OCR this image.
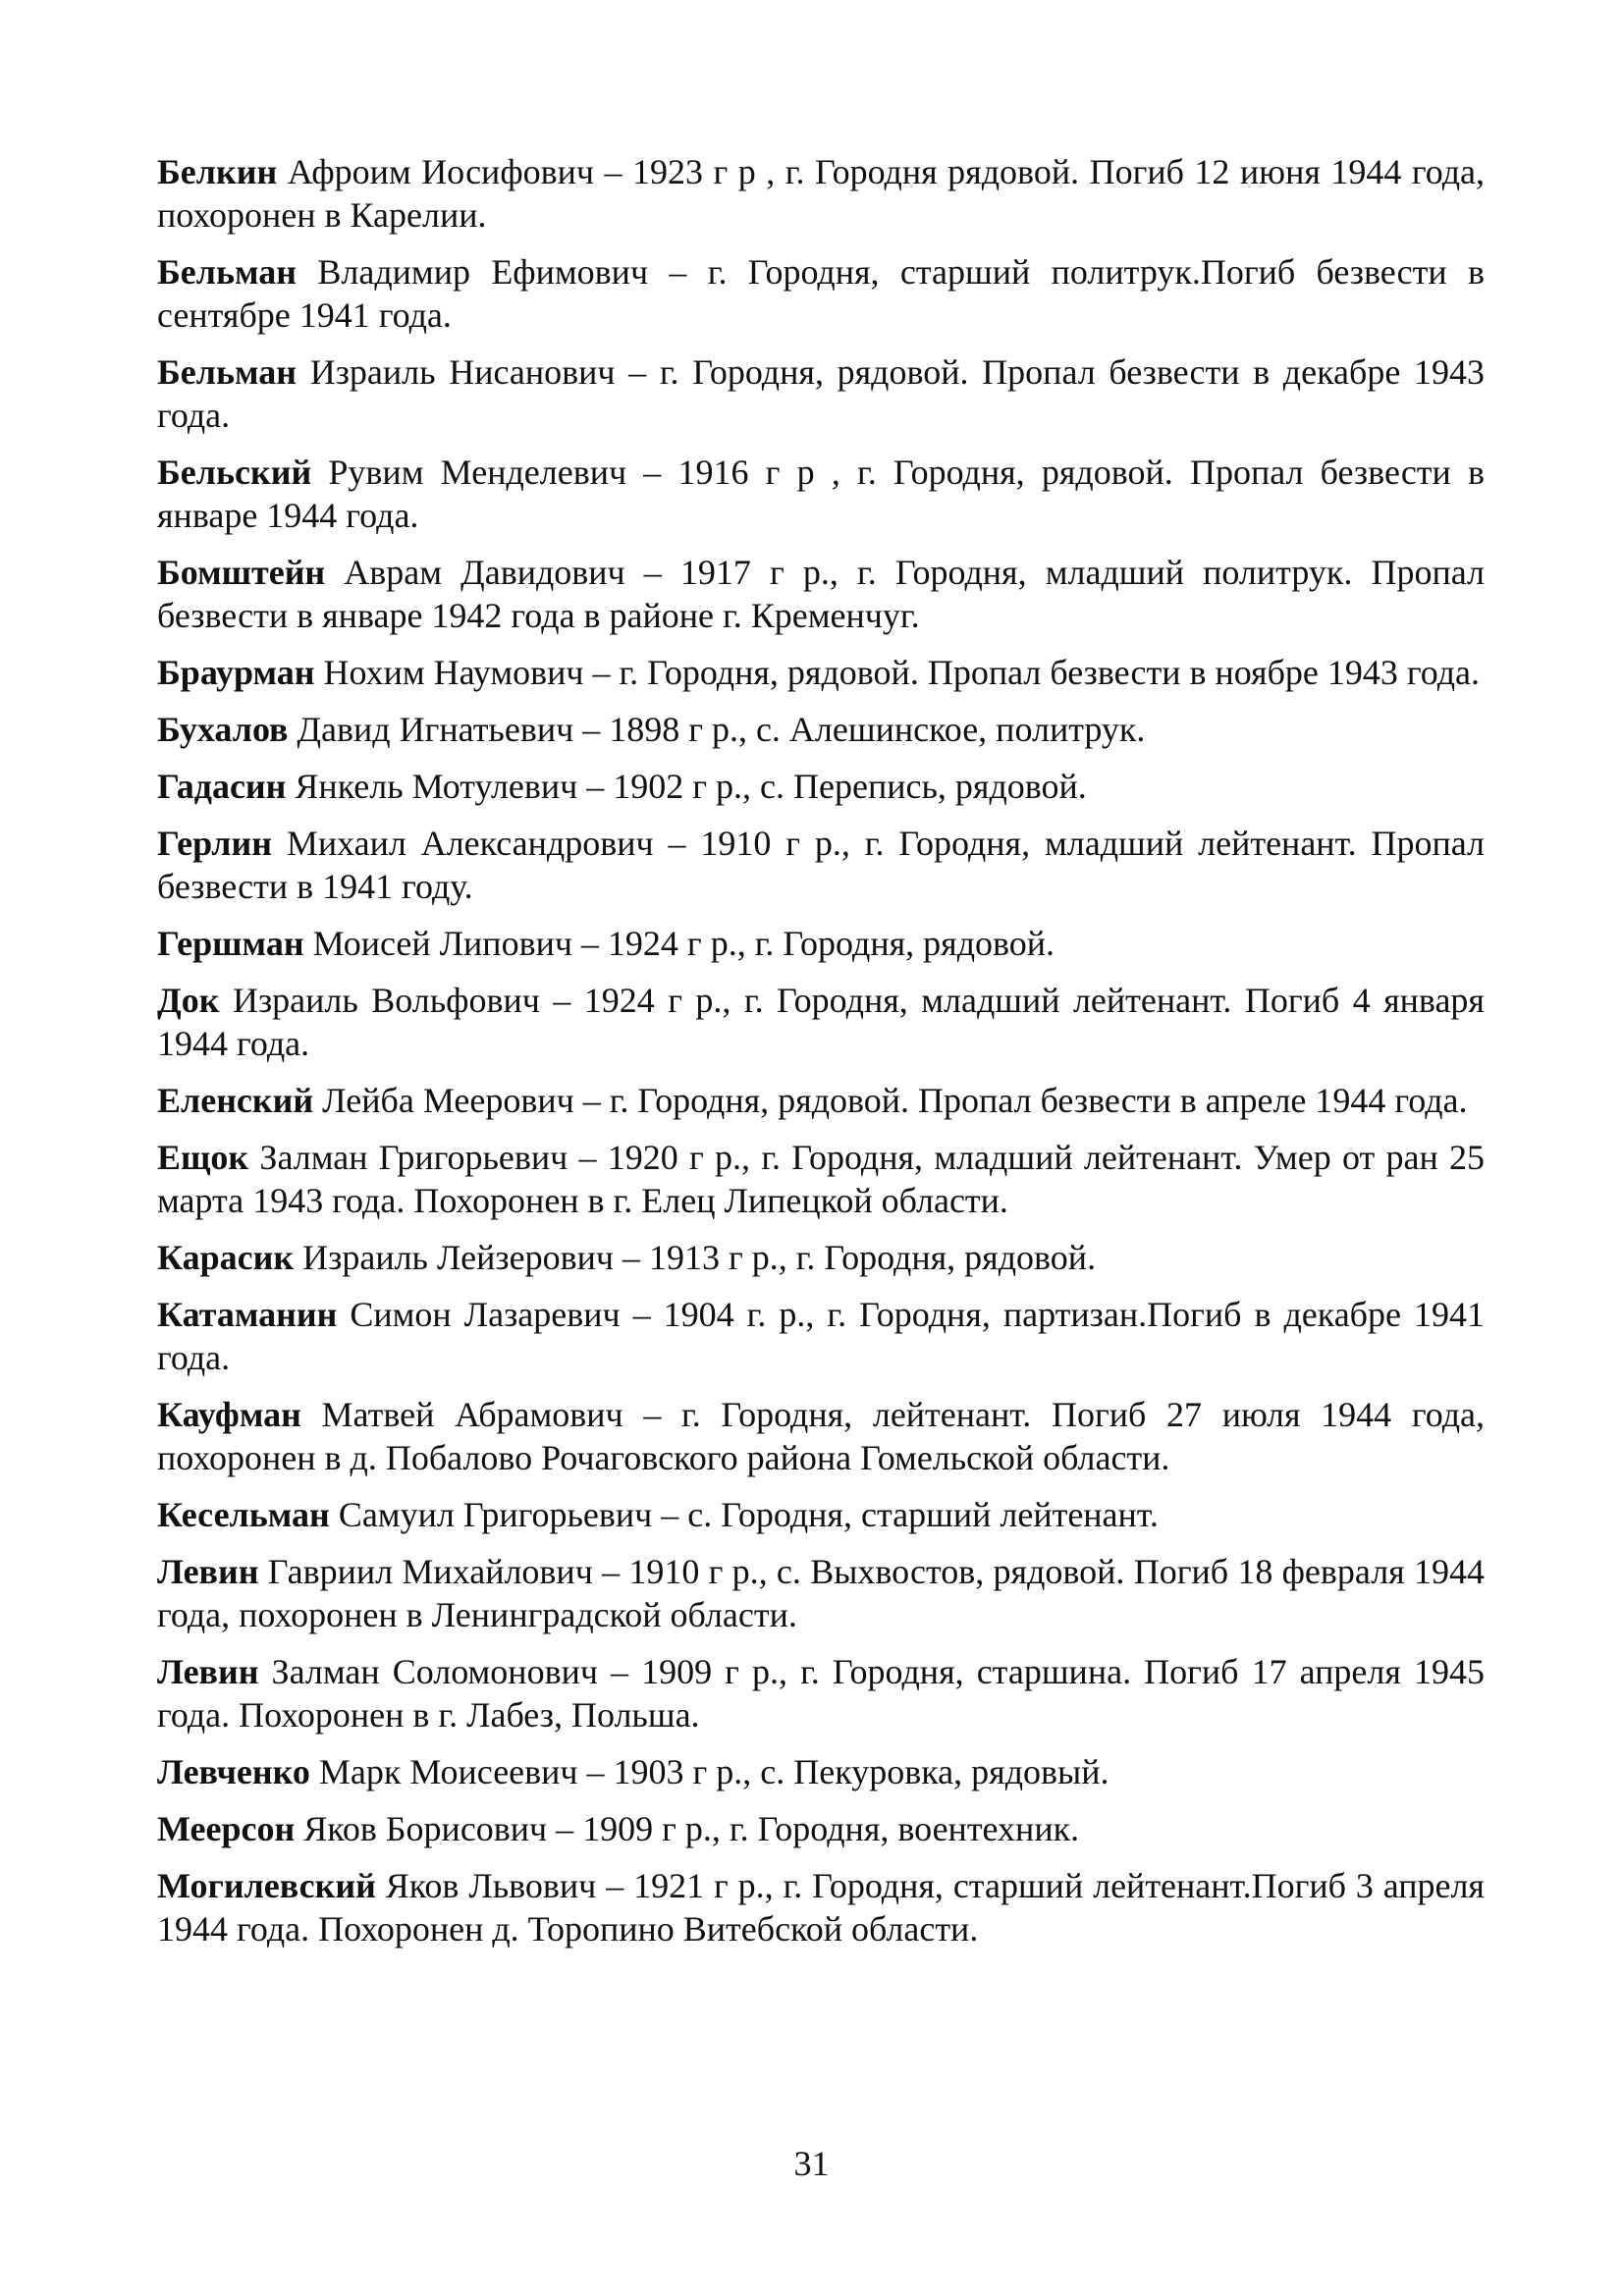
Белкин Афроим Иосифович – 1923 г р , г. Городня рядовой. Погиб 12 июня 1944 года, похоронен в Карелии.

Бельман Владимир Ефимович – г. Городня, старший политрук.Погиб безвести в сентябре 1941 года.

Бельман Израиль Нисанович – г. Городня, рядовой. Пропал безвести в декабре 1943 года.

Бельский Рувим Менделевич – 1916 г р , г. Городня, рядовой. Пропал безвести в январе 1944 года.

Бомштейн Аврам Давидович – 1917 г р., г. Городня, младший политрук. Пропал безвести в январе 1942 года в районе г. Кременчуг.

Браурман Нохим Наумович – г. Городня, рядовой. Пропал безвести в ноябре 1943 года.

Бухалов Давид Игнатьевич – 1898 г р., с. Алешинское, политрук.

Гадасин Янкель Мотулевич – 1902 г р., с. Перепись, рядовой.

Герлин Михаил Александрович – 1910 г р., г. Городня, младший лейтенант. Пропал безвести в 1941 году.

Гершман Моисей Липович – 1924 г р., г. Городня, рядовой.

Док Израиль Вольфович – 1924 г р., г. Городня, младший лейтенант. Погиб 4 января 1944 года.

Еленский Лейба Меерович – г. Городня, рядовой. Пропал безвести в апреле 1944 года.

Ещок Залман Григорьевич – 1920 г р., г. Городня, младший лейтенант. Умер от ран 25 марта 1943 года. Похоронен в г. Елец Липецкой области.

Карасик Израиль Лейзерович – 1913 г р., г. Городня, рядовой.

Катаманин Симон Лазаревич – 1904 г. р., г. Городня, партизан.Погиб в декабре 1941 года.

Кауфман Матвей Абрамович – г. Городня, лейтенант. Погиб 27 июля 1944 года, похоронен в д. Побалово Рочаговского района Гомельской области.

Кесельман Самуил Григорьевич – с. Городня, старший лейтенант.

Левин Гавриил Михайлович – 1910 г р., с. Выхвостов, рядовой. Погиб 18 февраля 1944 года, похоронен в Ленинградской области.

Левин Залман Соломонович – 1909 г р., г. Городня, старшина. Погиб 17 апреля 1945 года. Похоронен в г. Лабез, Польша.

Левченко Марк Моисеевич – 1903 г р., с. Пекуровка, рядовый.

Меерсон Яков Борисович – 1909 г р., г. Городня, воентехник.

Могилевский Яков Львович – 1921 г р., г. Городня, старший лейтенант.Погиб 3 апреля 1944 года. Похоронен д. Торопино Витебской области.

31
